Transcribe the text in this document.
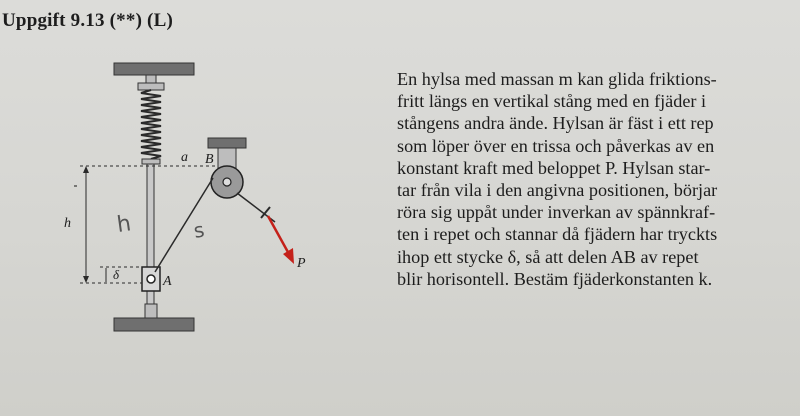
Uppgift 9.13 (**) (L)
a B
h
δ	A
P
h	s
En hylsa med massan m kan glida friktions-
fritt längs en vertikal stång med en fjäder i
stångens andra ände. Hylsan är fäst i ett rep
som löper över en trissa och påverkas av en
konstant kraft med beloppet P. Hylsan star-
tar från vila i den angivna positionen, börjar
röra sig uppåt under inverkan av spännkraf-
ten i repet och stannar då fjädern har tryckts
ihop ett stycke δ, så att delen AB av repet
blir horisontell. Bestäm fjäderkonstanten k.
